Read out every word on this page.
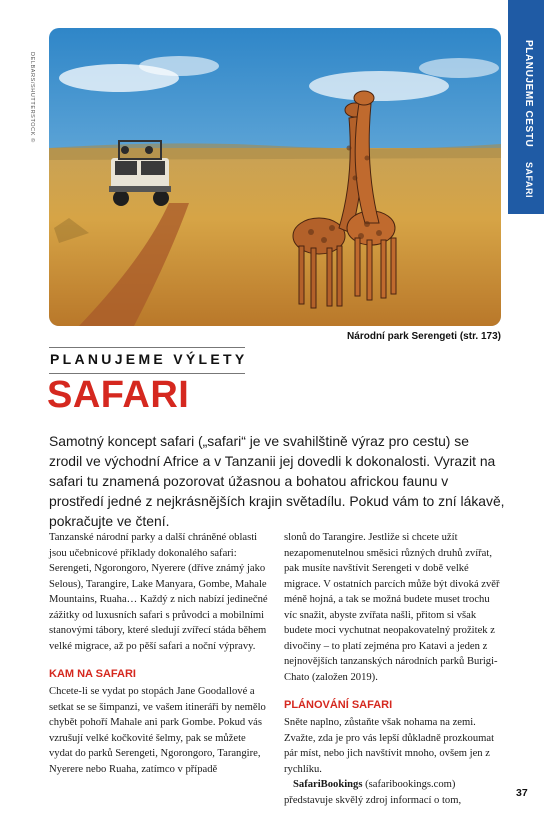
DELBARS/SHUTTERSTOCK ©
Národní park Serengeti (str. 173)
PLANUJEME CESTU
SAFARI
PLANUJEME VÝLETY
SAFARI

Samotný koncept safari („safari“ je ve svahilštině výraz pro cestu) se zrodil ve východní Africe a v Tanzanii jej dovedli k dokonalosti. Vyrazit na safari tu znamená pozorovat úžasnou a bohatou africkou faunu v prostředí jedné z nejkrásnějších krajin světadílu. Pokud vám to zní lákavě, pokračujte ve čtení.

Tanzanské národní parky a další chráněné oblasti jsou učebnicové příklady dokonalého safari: Serengeti, Ngorongoro, Nyerere (dříve známý jako Selous), Tarangire, Lake Manyara, Gombe, Mahale Mountains, Ruaha… Každý z nich nabízí jedinečné zážitky od luxusních safari s průvodci a mobilními stanovými tábory, které sledují zvířecí stáda během velké migrace, až po pěší safari a noční výpravy.

KAM NA SAFARI

Chcete-li se vydat po stopách Jane Goodallové a setkat se se šimpanzi, ve vašem itineráři by nemělo chybět pohoří Mahale ani park Gombe. Pokud vás vzrušují velké kočkovité šelmy, pak se můžete vydat do parků Serengeti, Ngorongoro, Tarangire, Nyerere nebo Ruaha, zatímco v případě

slonů do Tarangire. Jestliže si chcete užít nezapomenutelnou směsici různých druhů zvířat, pak musíte navštívit Serengeti v době velké migrace. V ostatních parcích může být divoká zvěř méně hojná, a tak se možná budete muset trochu víc snažit, abyste zvířata našli, přitom si však budete moci vychutnat neopakovatelný prožitek z divočiny – to platí zejména pro Katavi a jeden z nejnovějších tanzanských národních parků Burigi-Chato (založen 2019).

PLÁNOVÁNÍ SAFARI

Sněte naplno, zůstaňte však nohama na zemi. Zvažte, zda je pro vás lepší důkladně prozkoumat pár míst, nebo jich navštívit mnoho, ovšem jen z rychlíku.

SafariBookings (safaribookings.com) představuje skvělý zdroj informací o tom,

37
